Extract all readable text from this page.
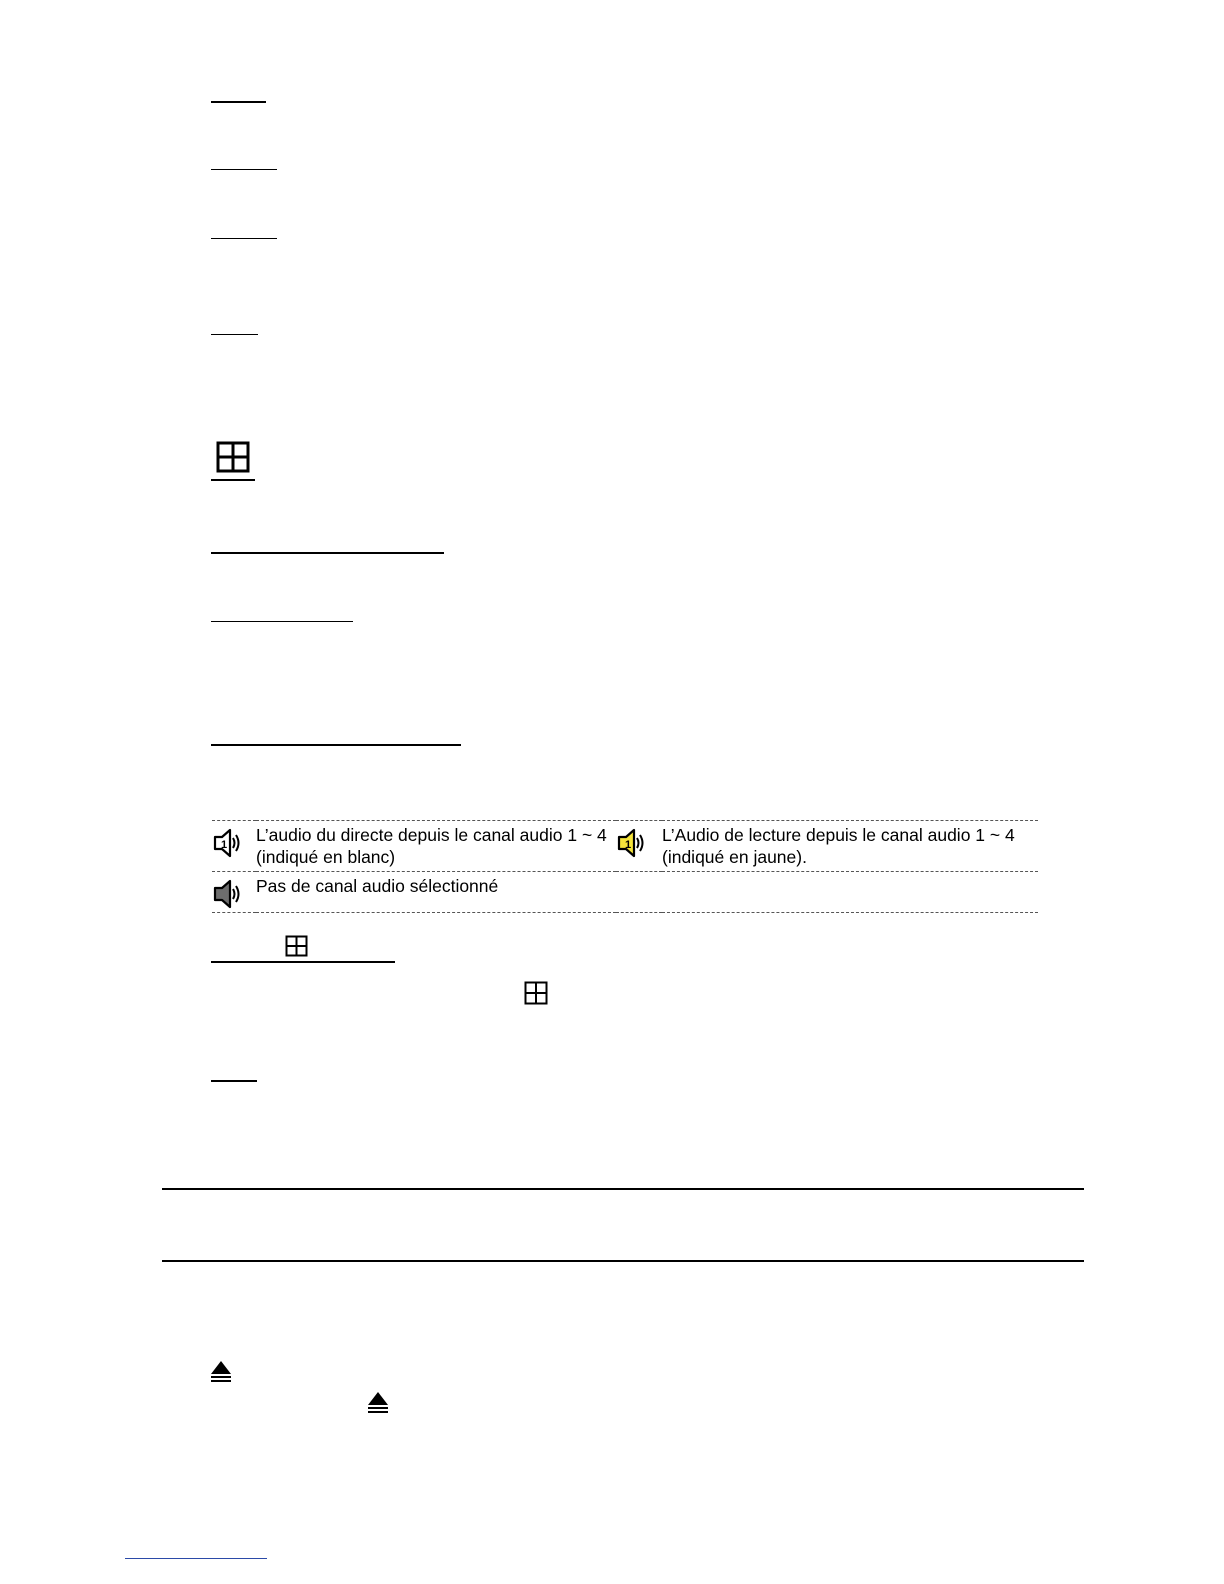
1	L’audio du directe depuis le canal audio 1 ~ 4 (indiqué en blanc)	1	L’Audio de lecture depuis le canal audio 1 ~ 4 (indiqué en jaune).

	Pas de canal audio sélectionné		
